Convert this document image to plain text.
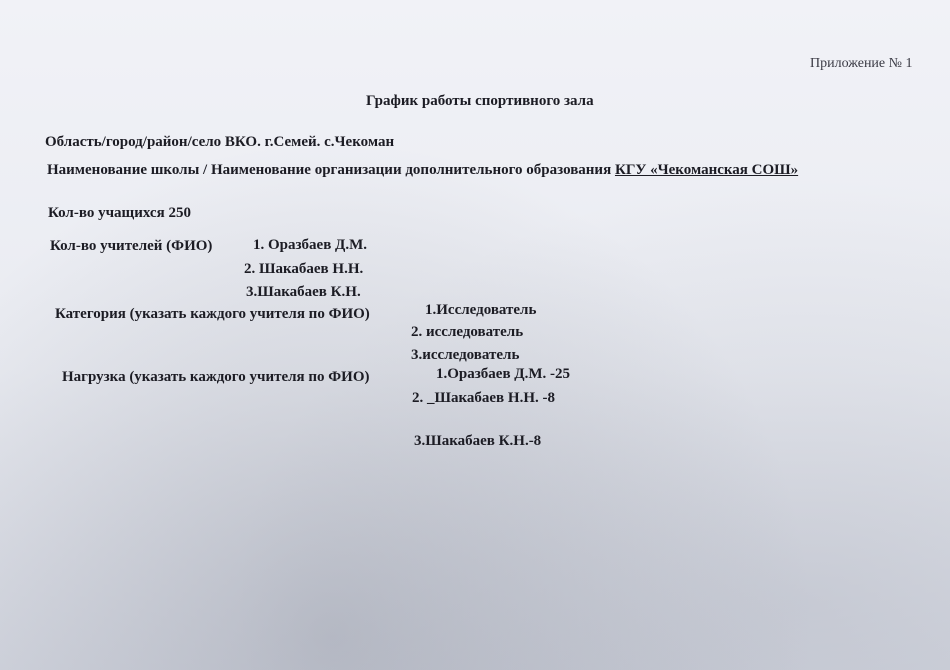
Приложение № 1
График работы спортивного зала
Область/город/район/село ВКО. г.Семей. с.Чекоман
Наименование школы / Наименование организации дополнительного образования КГУ «Чекоманская СОШ»
Кол-во учащихся 250
Кол-во учителей (ФИО)	1. Оразбаев Д.М.
2. Шакабаев Н.Н.
3.Шакабаев К.Н.
Категория (указать каждого учителя по ФИО)	1.Исследователь
2. исследователь
3.исследователь
Нагрузка (указать каждого учителя по ФИО)	1.Оразбаев Д.М. -25
2. _Шакабаев Н.Н. -8
3.Шакабаев К.Н.-8
